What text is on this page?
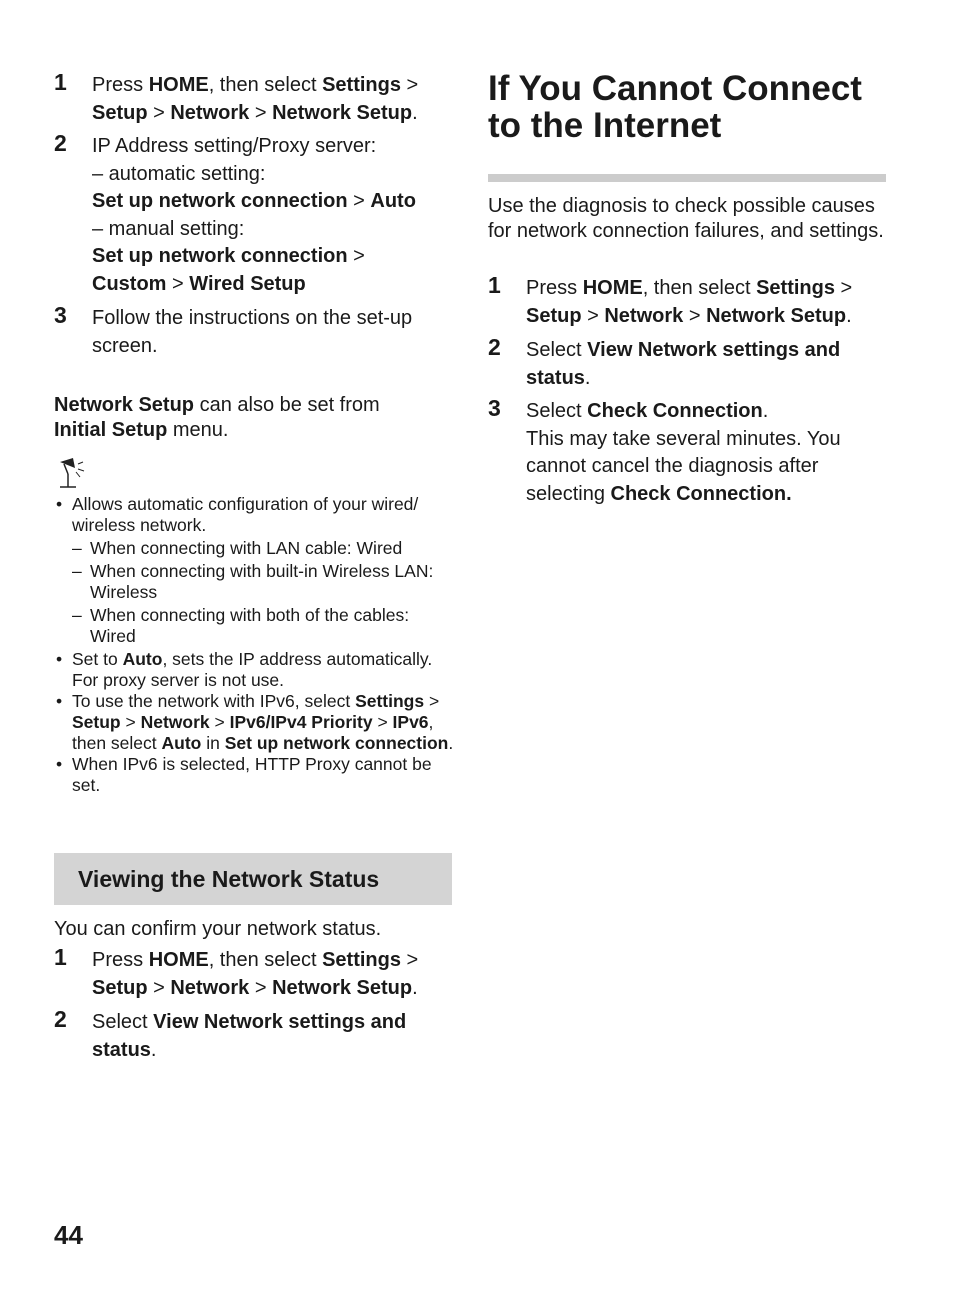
1 Press HOME, then select Settings >
Setup > Network > Network Setup.
2 IP Address setting/Proxy server:
– automatic setting:
Set up network connection > Auto
– manual setting:
Set up network connection >
Custom > Wired Setup
3 Follow the instructions on the set-up screen.
Network Setup can also be set from
Initial Setup menu.
• Allows automatic configuration of your wired/ wireless network.
– When connecting with LAN cable: Wired
– When connecting with built-in Wireless LAN: Wireless
– When connecting with both of the cables: Wired
• Set to Auto, sets the IP address automatically. For proxy server is not use.
• To use the network with IPv6, select Settings > Setup > Network > IPv6/IPv4 Priority > IPv6, then select Auto in Set up network connection.
• When IPv6 is selected, HTTP Proxy cannot be set.
Viewing the Network Status
You can confirm your network status.
1 Press HOME, then select Settings >
Setup > Network > Network Setup.
2 Select View Network settings and status.
If You Cannot Connect to the Internet
Use the diagnosis to check possible causes for network connection failures, and settings.
1 Press HOME, then select Settings >
Setup > Network > Network Setup.
2 Select View Network settings and status.
3 Select Check Connection.
This may take several minutes. You cannot cancel the diagnosis after selecting Check Connection.
44
